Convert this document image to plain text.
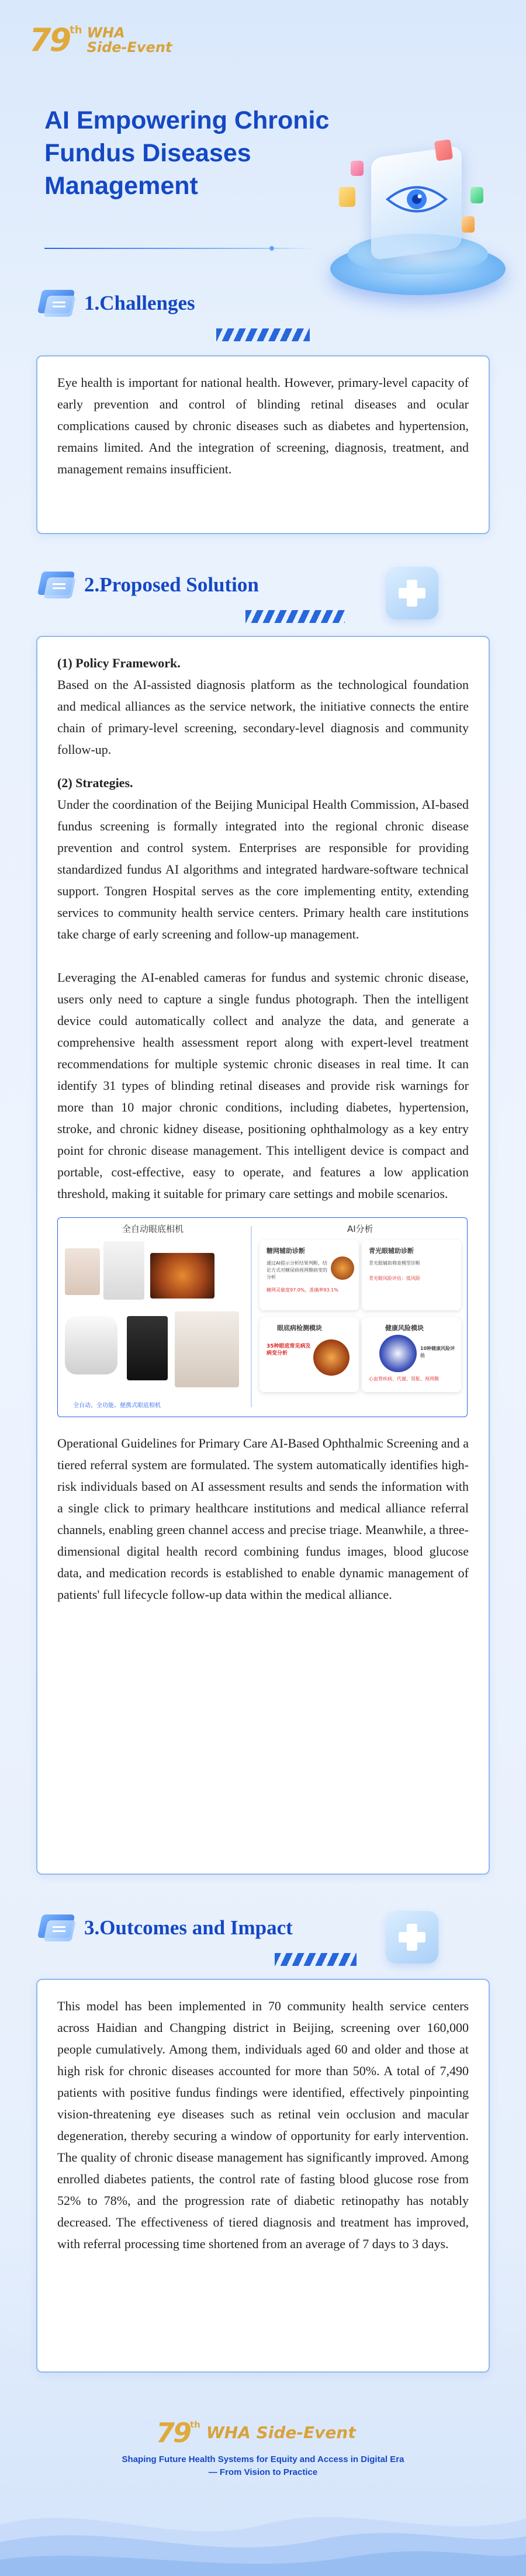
79 th WHA
Side-Event
AI Empowering Chronic Fundus Diseases Management
1.Challenges

Eye health is important for national health. However, primary-level capacity of early prevention and control of blinding retinal diseases and ocular complications caused by chronic diseases such as diabetes and hypertension, remains limited. And the integration of screening, diagnosis, treatment, and management remains insufficient.

2.Proposed Solution

(1) Policy Framework.

Based on the AI-assisted diagnosis platform as the technological foundation and medical alliances as the service network, the initiative connects the entire chain of primary-level screening, secondary-level diagnosis and community follow-up.

(2) Strategies.

Under the coordination of the Beijing Municipal Health Commission, AI-based fundus screening is formally integrated into the regional chronic disease prevention and control system. Enterprises are responsible for providing standardized fundus AI algorithms and integrated hardware-software technical support. Tongren Hospital serves as the core implementing entity, extending services to community health service centers. Primary health care institutions take charge of early screening and follow-up management.

Leveraging the AI-enabled cameras for fundus and systemic chronic disease, users only need to capture a single fundus photograph. Then the intelligent device could automatically collect and analyze the data, and generate a comprehensive health assessment report along with expert-level treatment recommendations for multiple systemic chronic diseases in real time. It can identify 31 types of blinding retinal diseases and provide risk warnings for more than 10 major chronic conditions, including diabetes, hypertension, stroke, and chronic kidney disease, positioning ophthalmology as a key entry point for chronic disease management. This intelligent device is compact and portable, cost-effective, easy to operate, and features a low application threshold, making it suitable for primary care settings and mobile scenarios.

全自动眼底相机	AI分析
全自动、全功能、便携式眼底相机
糖网辅助诊断
通过AI提示分析结果判断，结论方式对糖尿病视网膜病变的分析
糖网灵敏度97.0%，准确率93.1%
青光眼辅助诊断
青光眼辅助筛查模型诊断
青光眼风险评估：低风险
眼底病检测模块
35种眼底常见病及病变分析
健康风险模块
10种健康风险评估
心血管疾病、代谢、肾脏、视网膜

Operational Guidelines for Primary Care AI-Based Ophthalmic Screening and a tiered referral system are formulated. The system automatically identifies high-risk individuals based on AI assessment results and sends the information with a single click to primary healthcare institutions and medical alliance referral channels, enabling green channel access and precise triage. Meanwhile, a three-dimensional digital health record combining fundus images, blood glucose data, and medication records is established to enable dynamic management of patients' full lifecycle follow-up data within the medical alliance.

3.Outcomes and Impact

This model has been implemented in 70 community health service centers across Haidian and Changping district in Beijing, screening over 160,000 people cumulatively. Among them, individuals aged 60 and older and those at high risk for chronic diseases accounted for more than 50%. A total of 7,490 patients with positive fundus findings were identified, effectively pinpointing vision-threatening eye diseases such as retinal vein occlusion and macular degeneration, thereby securing a window of opportunity for early intervention. The quality of chronic disease management has significantly improved. Among enrolled diabetes patients, the control rate of fasting blood glucose rose from 52% to 78%, and the progression rate of diabetic retinopathy has notably decreased. The effectiveness of tiered diagnosis and treatment has improved, with referral processing time shortened from an average of 7 days to 3 days.

79 th WHA Side-Event
Shaping Future Health Systems for Equity and Access in Digital Era
— From Vision to Practice
